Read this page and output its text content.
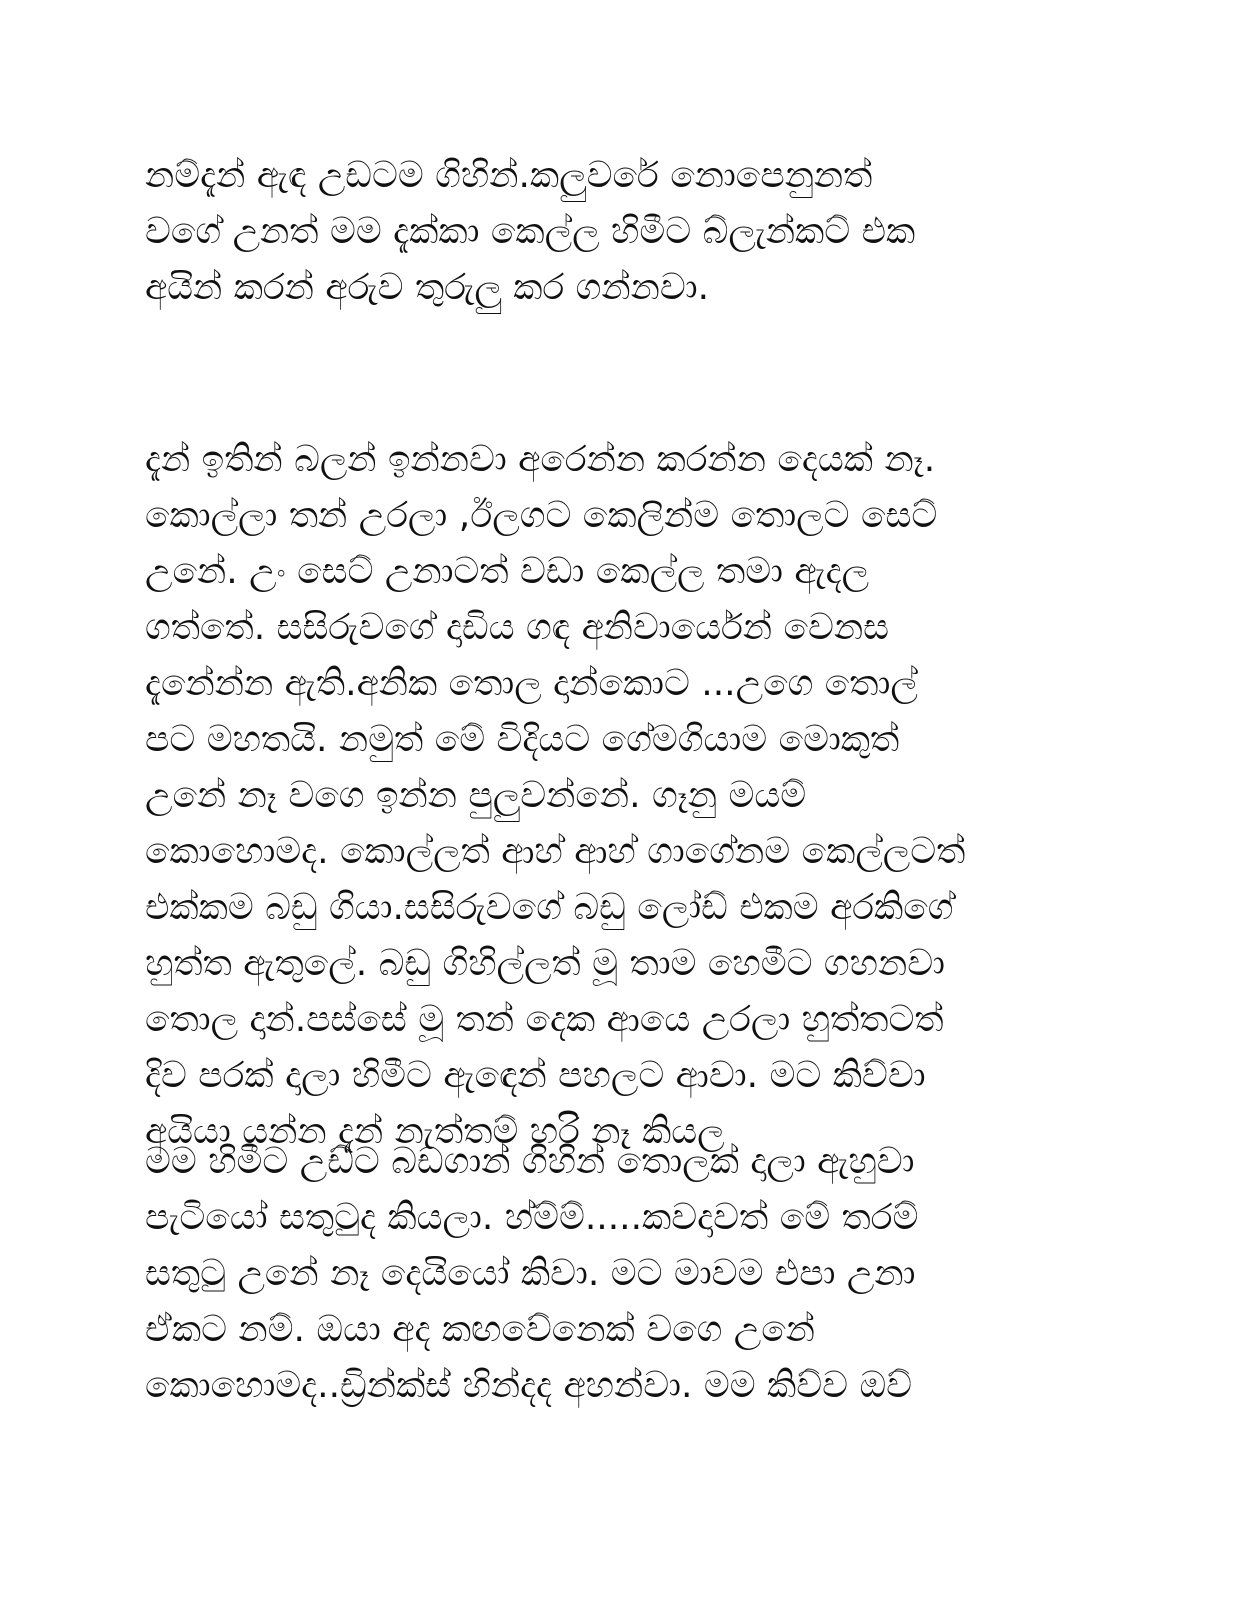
නම්දැන් ඇඳ උඩටම ගිහින්.කලුවරේ නොපෙනුනත්
වගේ උනත් මම දැක්කා කෙල්ල හිමීට බ්ලැන්කට් එක
අයින් කරන් අරුව තුරුලු කර ගන්නවා.

දැන් ඉතින් බලන් ඉන්නවා අරෙන්න කරන්න දෙයක් නෑ.
කොල්ලා තන් උරලා ,ඊලගට කෙලින්ම තොලට සෙට්
උනේ. උං සෙට් උනාටත් වඩා කෙල්ල තමා ඇදල
ගත්තේ. සසිරුවගේ දාඩිය ගඳ අනිවාර්යෙන් වෙනස
දැනේන්න ඇති.අනික තොල දාන්කොට ...උගෙ තොල්
පට මහතයි. නමුත් මේ විදියට ගේමගියාම මොකුත්
උනේ නෑ වගෙ ඉන්න පුලුවන්නේ. ගෑනු මයම්
කොහොමද. කොල්ලත් ආහ් ආහ් ගාගේනම කෙල්ලටත්
එක්කම බඩු ගියා.සසිරුවගේ බඩු ලෝඩ් එකම අරකිගේ
හුත්ත ඇතුලේ. බඩු ගිහිල්ලත් මූ තාම හෙමීට ගහනවා
තොල දාන්.පස්සේ මූ තන් දෙක ආයෙ උරලා හුත්තටත්
දිව පරක් දාලා හිමීට ඇඳෙන් පහලට ආවා. මට කිව්වා
අයියා යන්න දැන් නැත්තම් හරි නෑ කියල

මම හිමීට උඩ්ට බඩගාන් ගිහින් තොලක් දාලා ඇහුවා
පැටියෝ සතුටුද කියලා. හ්ම්ම්.....කවදාවත් මේ තරම්
සතුටු උනේ නෑ දෙයියෝ කිවා. මට මාවම එපා උනා
ඒකට නම්. ඔයා අද කඟවේනෙක් වගෙ උනේ
කොහොමද..ඩ්‍රින්ක්ස් හින්දද අහන්වා. මම කිව්ව ඔව්
